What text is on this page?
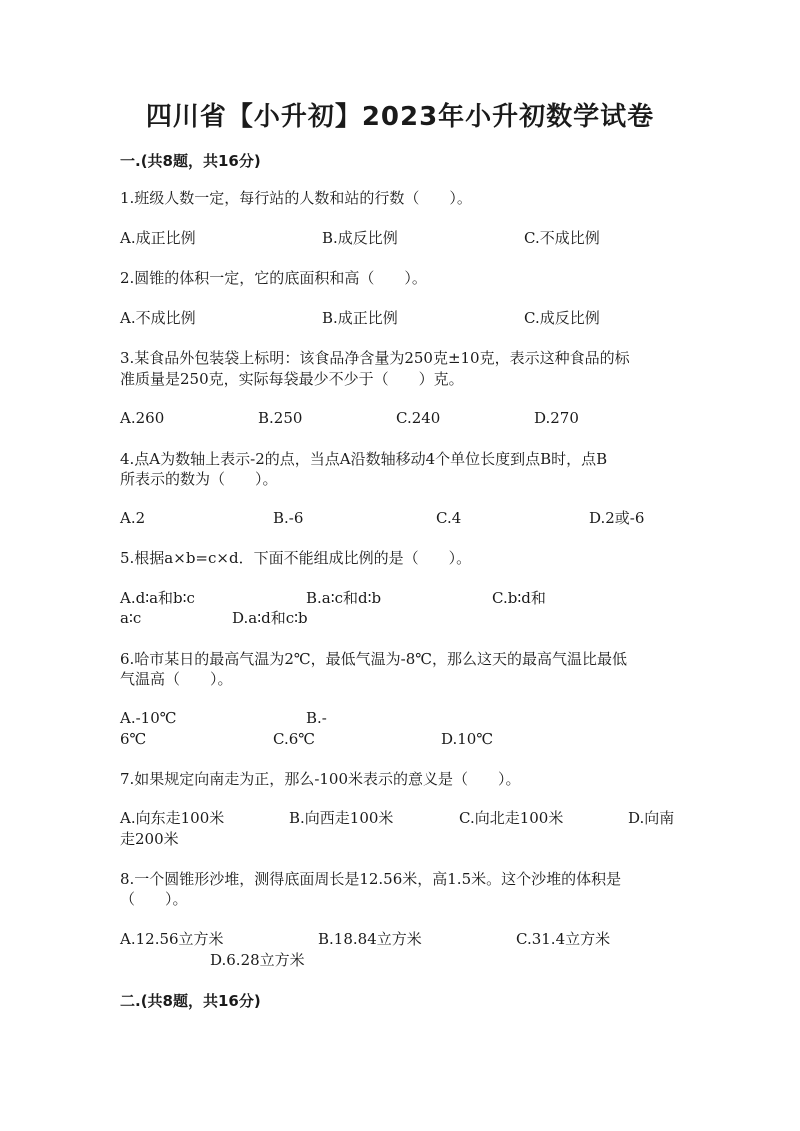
四川省【小升初】2023年小升初数学试卷
一.(共8题，共16分)
1.班级人数一定，每行站的人数和站的行数（　　）。
A.成正比例	B.成反比例	C.不成比例
2.圆锥的体积一定，它的底面积和高（　　）。
A.不成比例	B.成正比例	C.成反比例
3.某食品外包装袋上标明：该食品净含量为250克±10克，表示这种食品的标
准质量是250克，实际每袋最少不少于（　　）克。
A.260	B.250	C.240	D.270
4.点A为数轴上表示-2的点，当点A沿数轴移动4个单位长度到点B时，点B
所表示的数为（　　）。
A.2	B.-6	C.4	D.2或-6
5.根据a×b=c×d．下面不能组成比例的是（　　）。
A.d∶a和b∶c	B.a∶c和d∶b	C.b∶d和
a∶c	D.a∶d和c∶b
6.哈市某日的最高气温为2℃，最低气温为-8℃，那么这天的最高气温比最低
气温高（　　）。
A.-10℃	B.-
6℃	C.6℃	D.10℃
7.如果规定向南走为正，那么-100米表示的意义是（　　）。
A.向东走100米	B.向西走100米	C.向北走100米	D.向南
走200米
8.一个圆锥形沙堆，测得底面周长是12.56米，高1.5米。这个沙堆的体积是
（　　）。
A.12.56立方米	B.18.84立方米	C.31.4立方米
D.6.28立方米
二.(共8题，共16分)
